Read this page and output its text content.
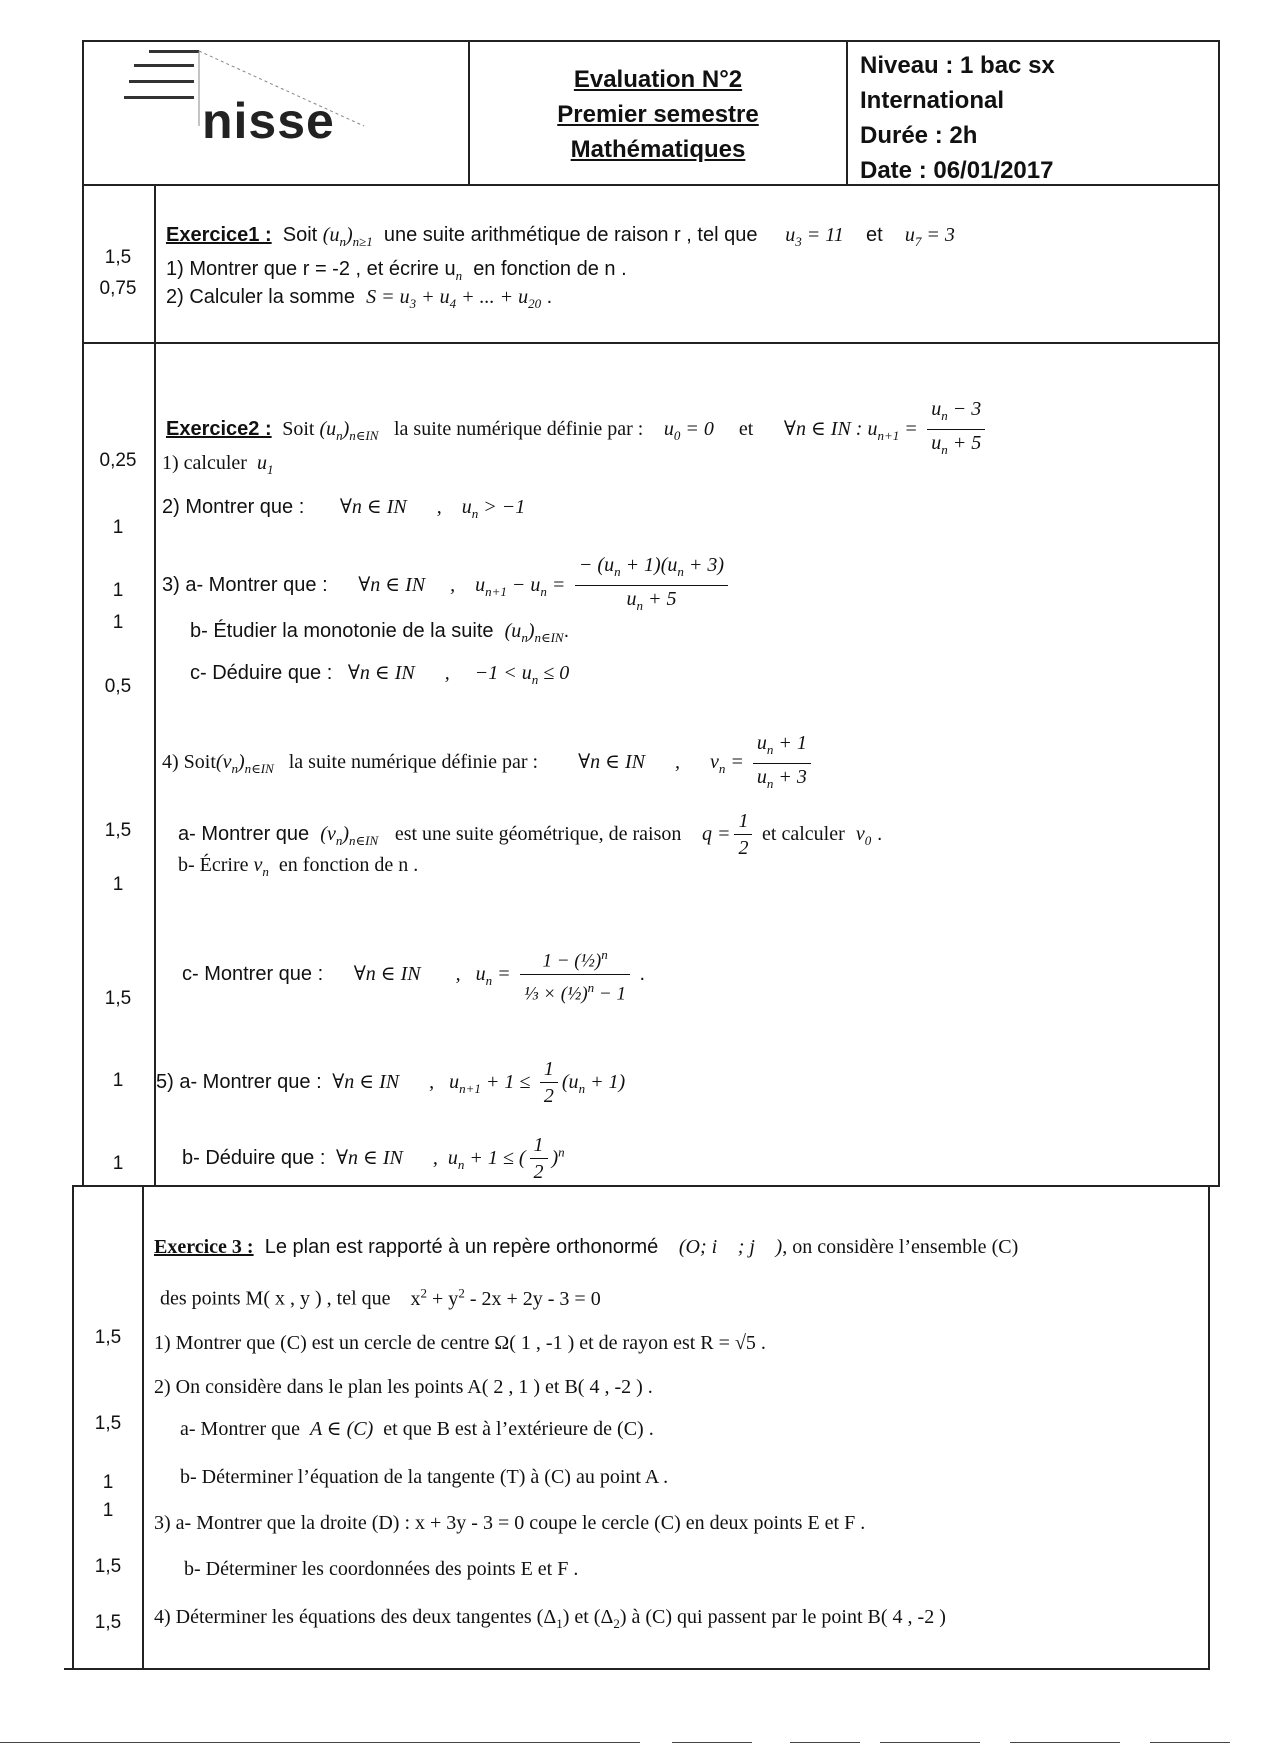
nisse
Evaluation N°2
Premier semestre
Mathématiques
Niveau : 1 bac sx
International
Durée : 2h
Date : 06/01/2017
1,5
0,75
Exercice1 :  Soit $(u_n)_{n\ge 1}$  une suite arithmétique de raison r , tel que     $u_3 = 11$    et    $u_7 = 3$
1) Montrer que r = -2 , et écrire $u_n$ en fonction de n .
2) Calculer la somme $S = u_3 + u_4$ + ... + $u_{20}$ .
0,25
1
1
1
0,5
1,5
1
1,5
1
1
Exercice2 :  Soit $(u_n)_{n\in IN}$ la suite numérique définie par :    $u_0 = 0$     et      ∀n ∈ IN : $u_{n+1} = \frac{u_n - 3}{u_n + 5}$
1) calculer $u_1$
2) Montrer que :       ∀n ∈ IN      ,    $u_n > -1$
3) a- Montrer que :      ∀n ∈ IN     ,    $u_{n+1} - u_n = \frac{- (u_n + 1)(u_n + 3)}{u_n + 5}$
b- Étudier la monotonie de la suite $(u_n)_{n\in IN}$.
c- Déduire que :   ∀n ∈ IN      ,     $-1 < u_n \le 0$
4) $Soit(v_n)_{n\in IN}$ la suite numérique définie par :        ∀n ∈ IN      ,      $v_n = \frac{u_n + 1}{u_n + 3}$
a- Montrer que $(v_n)_{n\in IN}$ est une suite géométrique, de raison    $q = \frac{1}{2}$ et calculer $v_0$ .
b- Écrire $v_n$ en fonction de n .
c- Montrer que :      ∀n ∈ IN       ,   $u_n = \frac{1 - (\frac{1}{2})^n}{\frac{1}{3} \times (\frac{1}{2})^n - 1}$ .
5) a- Montrer que :  ∀n ∈ IN      ,   $u_{n+1} + 1 \le \frac{1}{2} (u_n + 1)$
b- Déduire que :  ∀n ∈ IN      ,  $u_n + 1$ ≤ ( $\frac{1}{2} )^n$
1,5
1,5
1
1
1,5
1,5
Exercice 3 : Le plan est rapporté à un repère orthonormé    (O; i⃗ ; j⃗ ), on considère l’ensemble (C)
des points M( x , y ) , tel que    $x^2 + y^2 - 2x + 2y - 3 = 0$
1) Montrer que (C) est un cercle de centre Ω( 1 , -1 ) et de rayon est R = √5 .
2) On considère dans le plan les points A( 2 , 1 ) et B( 4 , -2 ) .
a- Montrer que A ∈ (C) et que B est à l’extérieure de (C) .
b- Déterminer l’équation de la tangente (T) à (C) au point A .
3) a- Montrer que la droite (D) : x + 3y - 3 = 0 coupe le cercle (C) en deux points E et F .
b- Déterminer les coordonnées des points E et F .
4) Déterminer les équations des deux tangentes $(\Delta_1)$ et $(\Delta_2)$ à (C) qui passent par le point B( 4 , -2 )
